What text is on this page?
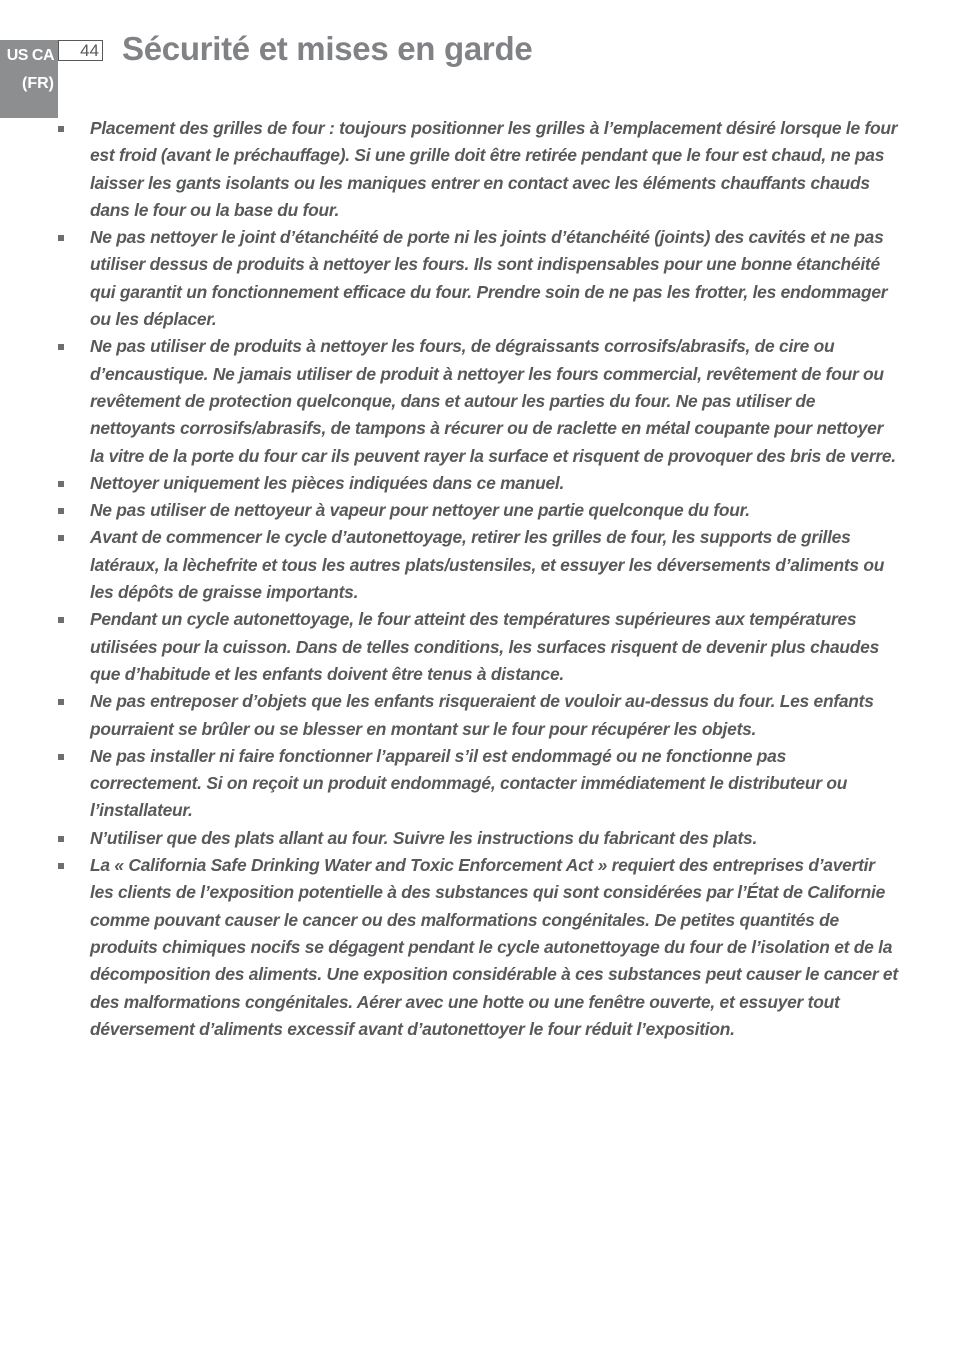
US CA
(FR)
44 Sécurité et mises en garde
Placement des grilles de four : toujours positionner les grilles à l’emplacement désiré lorsque le four est froid (avant le préchauffage). Si une grille doit être retirée pendant que le four est chaud, ne pas laisser les gants isolants ou les maniques entrer en contact avec les éléments chauffants chauds dans le four ou la base du four.
Ne pas nettoyer le joint d’étanchéité de porte ni les joints d’étanchéité (joints) des cavités et ne pas utiliser dessus de produits à nettoyer les fours. Ils sont indispensables pour une bonne étanchéité qui garantit un fonctionnement efficace du four. Prendre soin de ne pas les frotter, les endommager ou les déplacer.
Ne pas utiliser de produits à nettoyer les fours, de dégraissants corrosifs/abrasifs, de cire ou d’encaustique. Ne jamais utiliser de produit à nettoyer les fours commercial, revêtement de four ou revêtement de protection quelconque, dans et autour les parties du four. Ne pas utiliser de nettoyants corrosifs/abrasifs, de tampons à récurer ou de raclette en métal coupante pour nettoyer la vitre de la porte du four car ils peuvent rayer la surface et risquent de provoquer des bris de verre.
Nettoyer uniquement les pièces indiquées dans ce manuel.
Ne pas utiliser de nettoyeur à vapeur pour nettoyer une partie quelconque du four.
Avant de commencer le cycle d’autonettoyage, retirer les grilles de four, les supports de grilles latéraux, la lèchefrite et tous les autres plats/ustensiles, et essuyer les déversements d’aliments ou les dépôts de graisse importants.
Pendant un cycle autonettoyage, le four atteint des températures supérieures aux températures utilisées pour la cuisson. Dans de telles conditions, les surfaces risquent de devenir plus chaudes que d’habitude et les enfants doivent être tenus à distance.
Ne pas entreposer d’objets que les enfants risqueraient de vouloir au-dessus du four. Les enfants pourraient se brûler ou se blesser en montant sur le four pour récupérer les objets.
Ne pas installer ni faire fonctionner l’appareil s’il est endommagé ou ne fonctionne pas correctement. Si on reçoit un produit endommagé, contacter immédiatement le distributeur ou l’installateur.
N’utiliser que des plats allant au four. Suivre les instructions du fabricant des plats.
La « California Safe Drinking Water and Toxic Enforcement Act » requiert des entreprises d’avertir les clients de l’exposition potentielle à des substances qui sont considérées par l’État de Californie comme pouvant causer le cancer ou des malformations congénitales. De petites quantités de produits chimiques nocifs se dégagent pendant le cycle autonettoyage du four de l’isolation et de la décomposition des aliments. Une exposition considérable à ces substances peut causer le cancer et des malformations congénitales. Aérer avec une hotte ou une fenêtre ouverte, et essuyer tout déversement d’aliments excessif avant d’autonettoyer le four réduit l’exposition.
